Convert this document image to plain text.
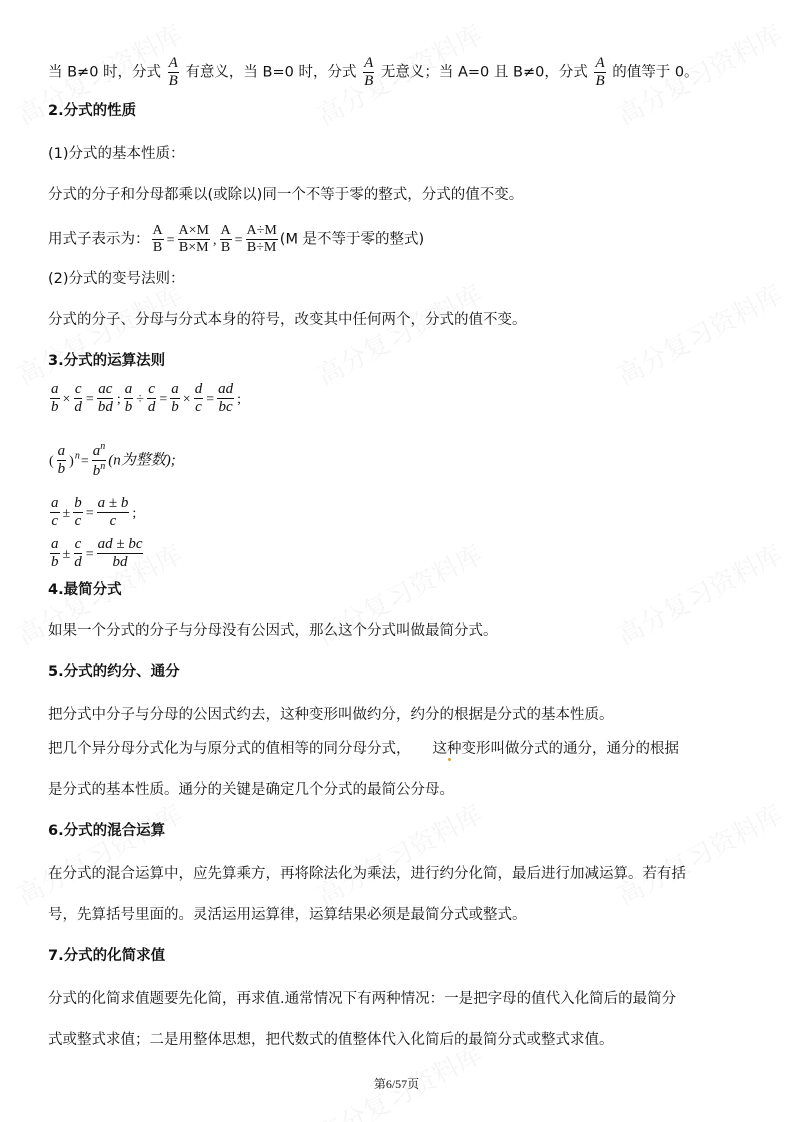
当 B≠0 时，分式 $\frac{A}{B}$ 有意义，当 B=0 时，分式 $\frac{A}{B}$ 无意义；当 A=0 且 B≠0，分式 $\frac{A}{B}$ 的值等于 0。
2.分式的性质
(1)分式的基本性质：
分式的分子和分母都乘以(或除以)同一个不等于零的整式，分式的值不变。
用式子表示为： $\frac{A}{B} = \frac{A\times M}{B\times M}$ , $\frac{A}{B} = \frac{A\div M}{B\div M} (M$ 是不等于零的整式)
(2)分式的变号法则：
分式的分子、分母与分式本身的符号，改变其中任何两个，分式的值不变。
3.分式的运算法则
$\frac{a}{b} \times \frac{c}{d} = \frac{ac}{bd}$ ; $\frac{a}{b} \div \frac{c}{d} = \frac{a}{b} \times \frac{d}{c} = \frac{ad}{bc}$ ;
( $\frac{a}{b} )^n= \frac{a^n}{b^n} (n$为整数);
$\frac{a}{c} \pm \frac{b}{c} = \frac{a \pm b}{c}$ ;
$\frac{a}{b} \pm \frac{c}{d} = \frac{ad \pm bc}{bd}$
4.最简分式
如果一个分式的分子与分母没有公因式，那么这个分式叫做最简分式。
5.分式的约分、通分
把分式中分子与分母的公因式约去，这种变形叫做约分，约分的根据是分式的基本性质。
把几个异分母分式化为与原分式的值相等的同分母分式， 这种变形叫做分式的通分，通分的根据
是分式的基本性质。通分的关键是确定几个分式的最简公分母。
6.分式的混合运算
在分式的混合运算中，应先算乘方，再将除法化为乘法，进行约分化简，最后进行加减运算。若有括
号，先算括号里面的。灵活运用运算律，运算结果必须是最简分式或整式。
7.分式的化简求值
分式的化简求值题要先化简，再求值.通常情况下有两种情况：一是把字母的值代入化简后的最简分
式或整式求值；二是用整体思想，把代数式的值整体代入化简后的最简分式或整式求值。
第6/57页
